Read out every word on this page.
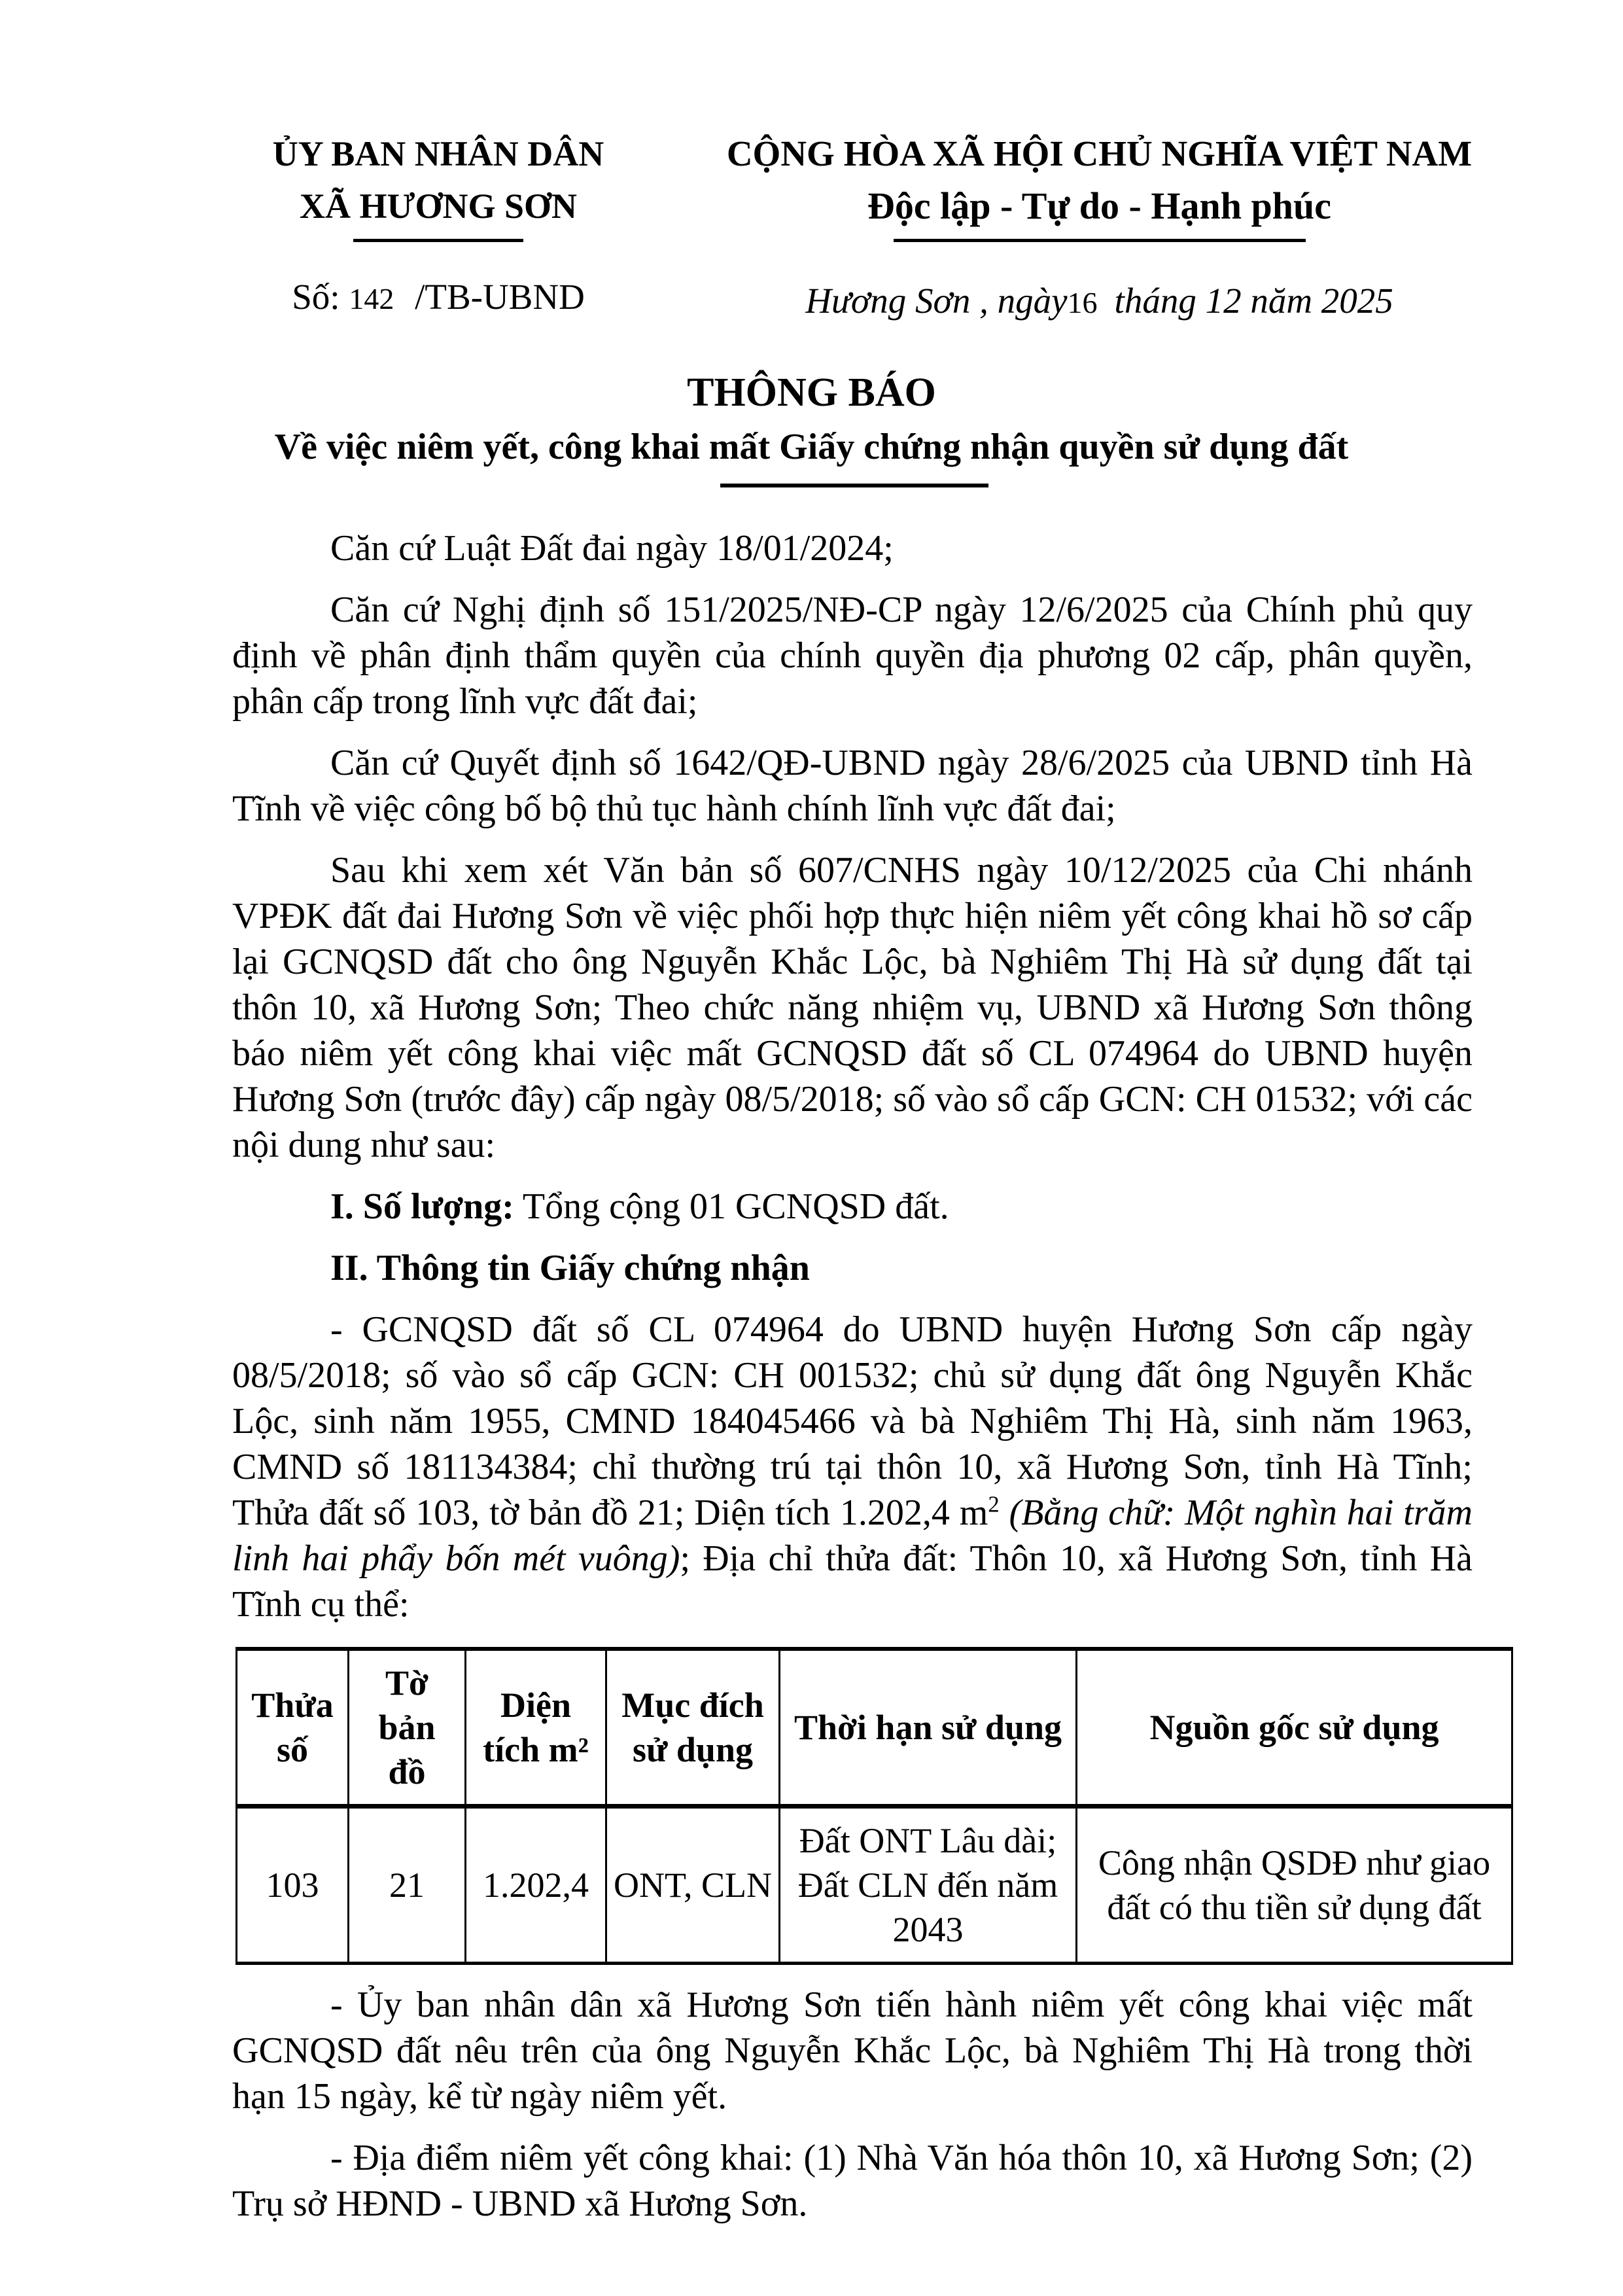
ỦY BAN NHÂN DÂN
XÃ HƯƠNG SƠN
Số: 142 /TB-UBND
CỘNG HÒA XÃ HỘI CHỦ NGHĨA VIỆT NAM
Độc lập - Tự do - Hạnh phúc
Hương Sơn , ngày16 tháng 12 năm 2025
THÔNG BÁO
Về việc niêm yết, công khai mất Giấy chứng nhận quyền sử dụng đất

Căn cứ Luật Đất đai ngày 18/01/2024;

Căn cứ Nghị định số 151/2025/NĐ-CP ngày 12/6/2025 của Chính phủ quy định về phân định thẩm quyền của chính quyền địa phương 02 cấp, phân quyền, phân cấp trong lĩnh vực đất đai;

Căn cứ Quyết định số 1642/QĐ-UBND ngày 28/6/2025 của UBND tỉnh Hà Tĩnh về việc công bố bộ thủ tục hành chính lĩnh vực đất đai;

Sau khi xem xét Văn bản số 607/CNHS ngày 10/12/2025 của Chi nhánh VPĐK đất đai Hương Sơn về việc phối hợp thực hiện niêm yết công khai hồ sơ cấp lại GCNQSD đất cho ông Nguyễn Khắc Lộc, bà Nghiêm Thị Hà sử dụng đất tại thôn 10, xã Hương Sơn; Theo chức năng nhiệm vụ, UBND xã Hương Sơn thông báo niêm yết công khai việc mất GCNQSD đất số CL 074964 do UBND huyện Hương Sơn (trước đây) cấp ngày 08/5/2018; số vào sổ cấp GCN: CH 01532; với các nội dung như sau:

I. Số lượng: Tổng cộng 01 GCNQSD đất.

II. Thông tin Giấy chứng nhận

- GCNQSD đất số CL 074964 do UBND huyện Hương Sơn cấp ngày 08/5/2018; số vào sổ cấp GCN: CH 001532; chủ sử dụng đất ông Nguyễn Khắc Lộc, sinh năm 1955, CMND 184045466 và bà Nghiêm Thị Hà, sinh năm 1963, CMND số 181134384; chỉ thường trú tại thôn 10, xã Hương Sơn, tỉnh Hà Tĩnh; Thửa đất số 103, tờ bản đồ 21; Diện tích 1.202,4 $m^2$ (Bằng chữ: Một nghìn hai trăm linh hai phẩy bốn mét vuông); Địa chỉ thửa đất: Thôn 10, xã Hương Sơn, tỉnh Hà Tĩnh cụ thể:

Thửa số	Tờ bản đồ	Diện tích m²	Mục đích sử dụng	Thời hạn sử dụng	Nguồn gốc sử dụng
103	21	1.202,4	ONT, CLN	Đất ONT Lâu dài; Đất CLN đến năm 2043	Công nhận QSDĐ như giao đất có thu tiền sử dụng đất

- Ủy ban nhân dân xã Hương Sơn tiến hành niêm yết công khai việc mất GCNQSD đất nêu trên của ông Nguyễn Khắc Lộc, bà Nghiêm Thị Hà trong thời hạn 15 ngày, kể từ ngày niêm yết.

- Địa điểm niêm yết công khai: (1) Nhà Văn hóa thôn 10, xã Hương Sơn; (2) Trụ sở HĐND - UBND xã Hương Sơn.
